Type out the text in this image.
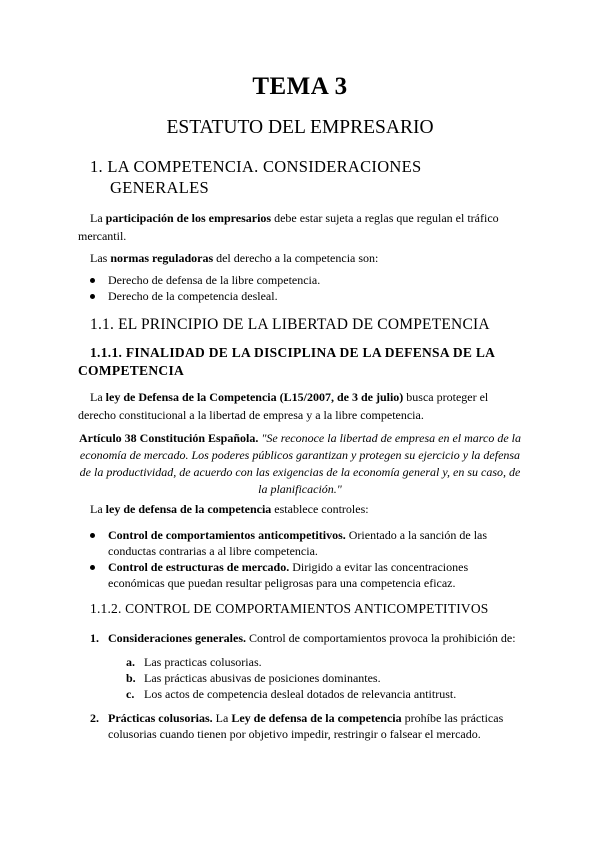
TEMA 3
ESTATUTO DEL EMPRESARIO
1. LA COMPETENCIA. CONSIDERACIONES
GENERALES
La participación de los empresarios debe estar sujeta a reglas que regulan el tráfico
mercantil.
Las normas reguladoras del derecho a la competencia son:
Derecho de defensa de la libre competencia.
Derecho de la competencia desleal.
1.1. EL PRINCIPIO DE LA LIBERTAD DE COMPETENCIA
1.1.1. FINALIDAD DE LA DISCIPLINA DE LA DEFENSA DE LA
COMPETENCIA
La ley de Defensa de la Competencia (L15/2007, de 3 de julio) busca proteger el
derecho constitucional a la libertad de empresa y a la libre competencia.
Artículo 38 Constitución Española. "Se reconoce la libertad de empresa en el marco de la
economía de mercado. Los poderes públicos garantizan y protegen su ejercicio y la defensa
de la productividad, de acuerdo con las exigencias de la economía general y, en su caso, de
la planificación."
La ley de defensa de la competencia establece controles:
Control de comportamientos anticompetitivos. Orientado a la sanción de las
conductas contrarias a al libre competencia.
Control de estructuras de mercado. Dirigido a evitar las concentraciones
económicas que puedan resultar peligrosas para una competencia eficaz.
1.1.2. CONTROL DE COMPORTAMIENTOS ANTICOMPETITIVOS
1. Consideraciones generales. Control de comportamientos provoca la prohibición de:
a. Las practicas colusorias.
b. Las prácticas abusivas de posiciones dominantes.
c. Los actos de competencia desleal dotados de relevancia antitrust.
2. Prácticas colusorias. La Ley de defensa de la competencia prohíbe las prácticas
colusorias cuando tienen por objetivo impedir, restringir o falsear el mercado.
